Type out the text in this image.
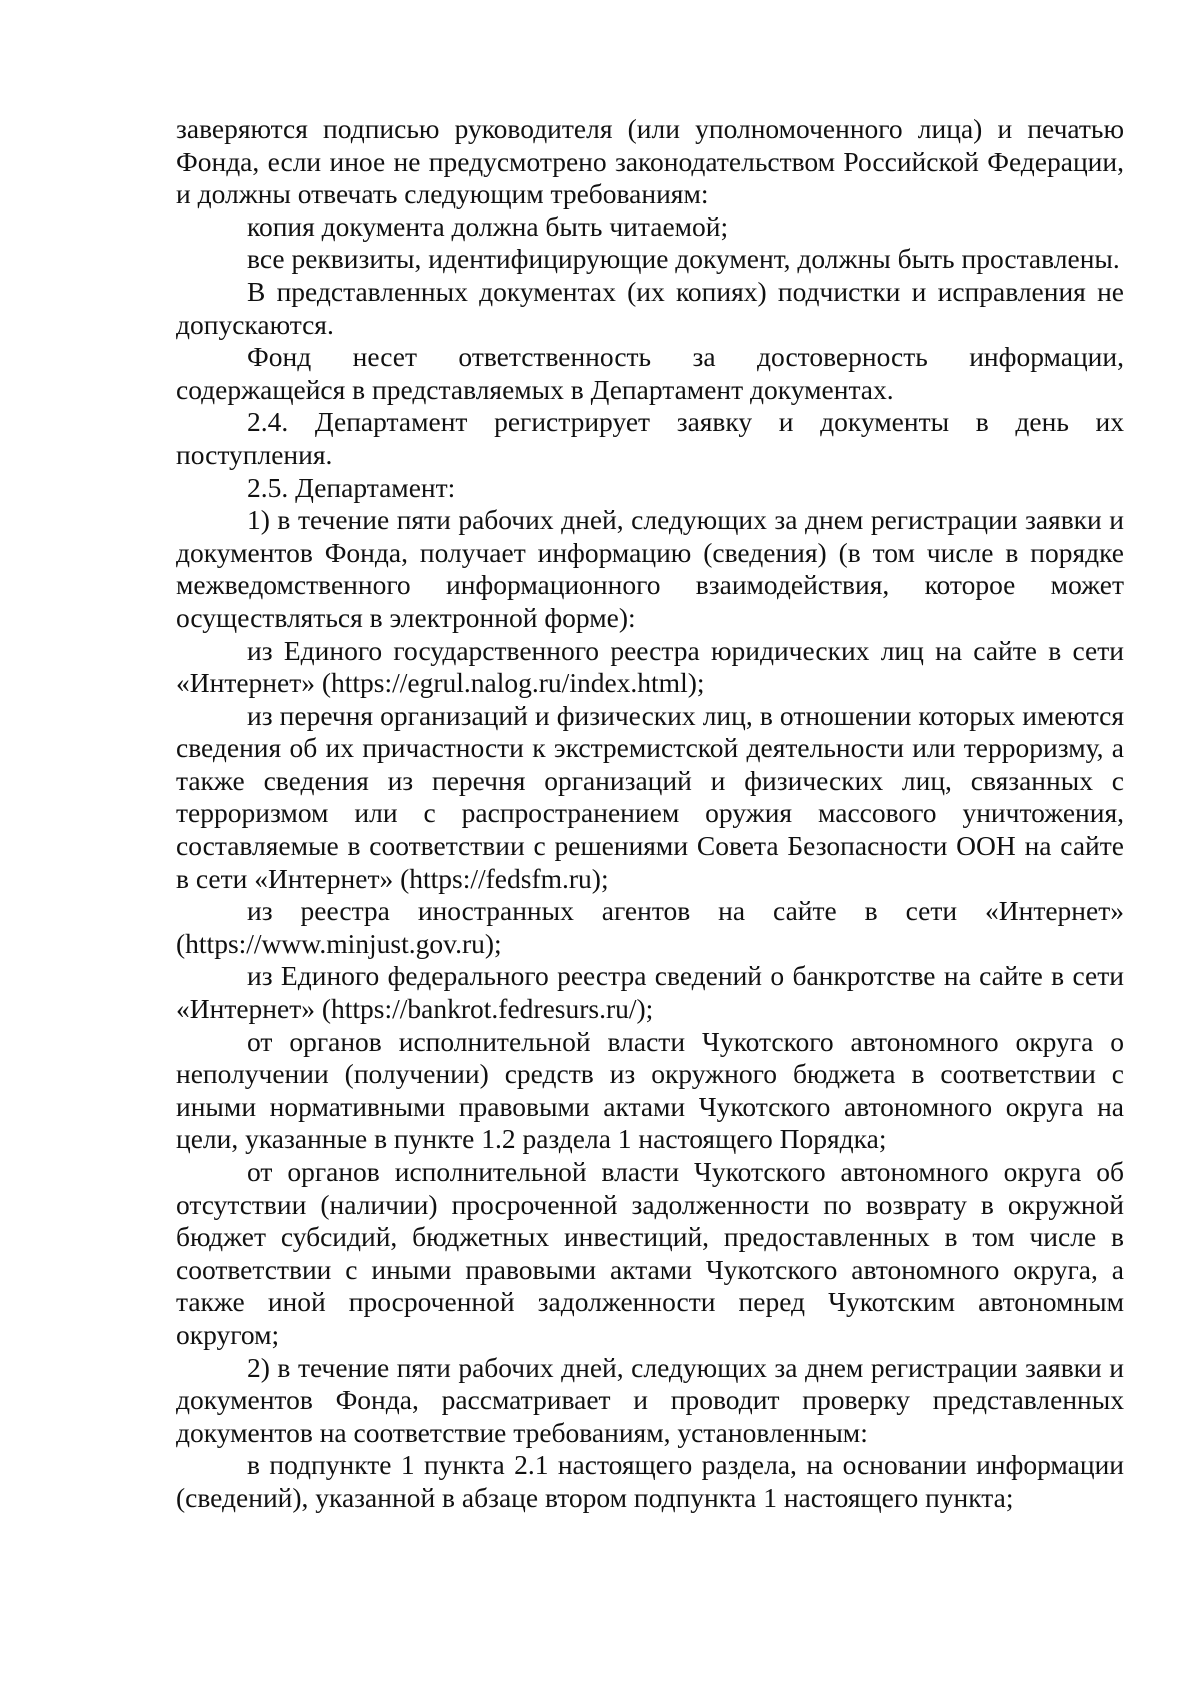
заверяются подписью руководителя (или уполномоченного лица) и печатью Фонда, если иное не предусмотрено законодательством Российской Федерации, и должны отвечать следующим требованиям:

копия документа должна быть читаемой;

все реквизиты, идентифицирующие документ, должны быть проставлены.

В представленных документах (их копиях) подчистки и исправления не допускаются.

Фонд несет ответственность за достоверность информации, содержащейся в представляемых в Департамент документах.

2.4. Департамент регистрирует заявку и документы в день их поступления.

2.5. Департамент:

1) в течение пяти рабочих дней, следующих за днем регистрации заявки и документов Фонда, получает информацию (сведения) (в том числе в порядке межведомственного информационного взаимодействия, которое может осуществляться в электронной форме):

из Единого государственного реестра юридических лиц на сайте в сети «Интернет» (https://egrul.nalog.ru/index.html);

из перечня организаций и физических лиц, в отношении которых имеются сведения об их причастности к экстремистской деятельности или терроризму, а также сведения из перечня организаций и физических лиц, связанных с терроризмом или с распространением оружия массового уничтожения, составляемые в соответствии с решениями Совета Безопасности ООН на сайте в сети «Интернет» (https://fedsfm.ru);

из реестра иностранных агентов на сайте в сети «Интернет» (https://www.minjust.gov.ru);

из Единого федерального реестра сведений о банкротстве на сайте в сети «Интернет» (https://bankrot.fedresurs.ru/);

от органов исполнительной власти Чукотского автономного округа о неполучении (получении) средств из окружного бюджета в соответствии с иными нормативными правовыми актами Чукотского автономного округа на цели, указанные в пункте 1.2 раздела 1 настоящего Порядка;

от органов исполнительной власти Чукотского автономного округа об отсутствии (наличии) просроченной задолженности по возврату в окружной бюджет субсидий, бюджетных инвестиций, предоставленных в том числе в соответствии с иными правовыми актами Чукотского автономного округа, а также иной просроченной задолженности перед Чукотским автономным округом;

2) в течение пяти рабочих дней, следующих за днем регистрации заявки и документов Фонда, рассматривает и проводит проверку представленных документов на соответствие требованиям, установленным:

в подпункте 1 пункта 2.1 настоящего раздела, на основании информации (сведений), указанной в абзаце втором подпункта 1 настоящего пункта;
